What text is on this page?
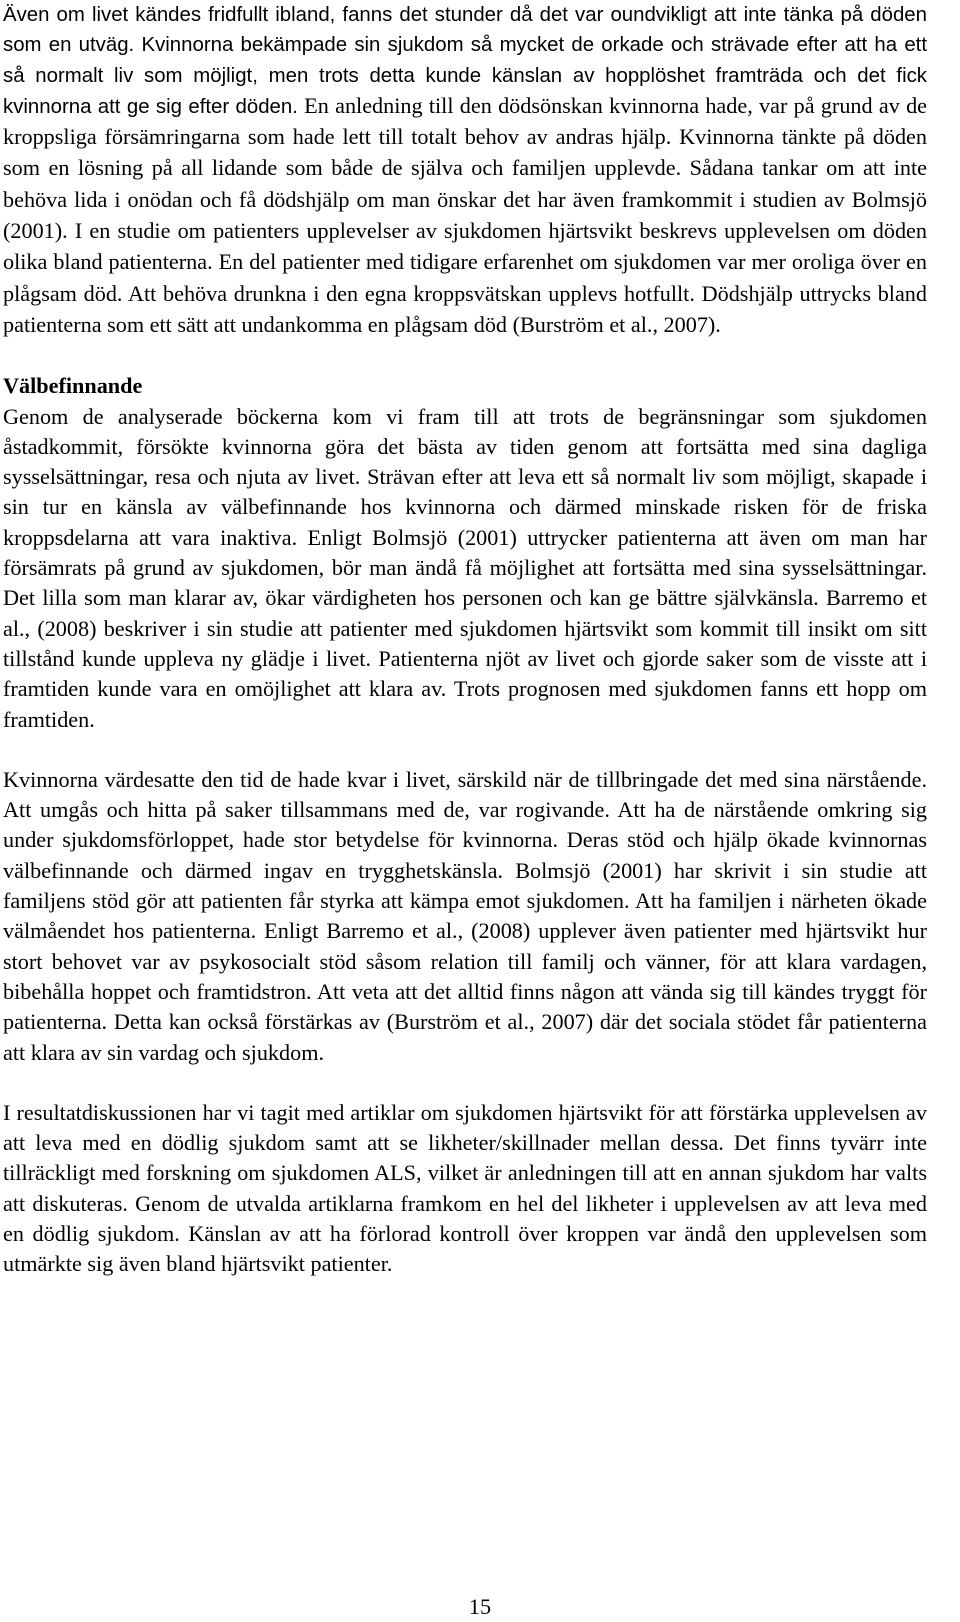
Även om livet kändes fridfullt ibland, fanns det stunder då det var oundvikligt att inte tänka på döden som en utväg. Kvinnorna bekämpade sin sjukdom så mycket de orkade och strävade efter att ha ett så normalt liv som möjligt, men trots detta kunde känslan av hopplöshet framträda och det fick kvinnorna att ge sig efter döden. En anledning till den dödsönskan kvinnorna hade, var på grund av de kroppsliga försämringarna som hade lett till totalt behov av andras hjälp. Kvinnorna tänkte på döden som en lösning på all lidande som både de själva och familjen upplevde. Sådana tankar om att inte behöva lida i onödan och få dödshjälp om man önskar det har även framkommit i studien av Bolmsjö (2001). I en studie om patienters upplevelser av sjukdomen hjärtsvikt beskrevs upplevelsen om döden olika bland patienterna. En del patienter med tidigare erfarenhet om sjukdomen var mer oroliga över en plågsam död. Att behöva drunkna i den egna kroppsvätskan upplevs hotfullt. Dödshjälp uttrycks bland patienterna som ett sätt att undankomma en plågsam död (Burström et al., 2007).

Välbefinnande

Genom de analyserade böckerna kom vi fram till att trots de begränsningar som sjukdomen åstadkommit, försökte kvinnorna göra det bästa av tiden genom att fortsätta med sina dagliga sysselsättningar, resa och njuta av livet. Strävan efter att leva ett så normalt liv som möjligt, skapade i sin tur en känsla av välbefinnande hos kvinnorna och därmed minskade risken för de friska kroppsdelarna att vara inaktiva. Enligt Bolmsjö (2001) uttrycker patienterna att även om man har försämrats på grund av sjukdomen, bör man ändå få möjlighet att fortsätta med sina sysselsättningar. Det lilla som man klarar av, ökar värdigheten hos personen och kan ge bättre självkänsla. Barremo et al., (2008) beskriver i sin studie att patienter med sjukdomen hjärtsvikt som kommit till insikt om sitt tillstånd kunde uppleva ny glädje i livet. Patienterna njöt av livet och gjorde saker som de visste att i framtiden kunde vara en omöjlighet att klara av. Trots prognosen med sjukdomen fanns ett hopp om framtiden.

Kvinnorna värdesatte den tid de hade kvar i livet, särskild när de tillbringade det med sina närstående. Att umgås och hitta på saker tillsammans med de, var rogivande. Att ha de närstående omkring sig under sjukdomsförloppet, hade stor betydelse för kvinnorna. Deras stöd och hjälp ökade kvinnornas välbefinnande och därmed ingav en trygghetskänsla. Bolmsjö (2001) har skrivit i sin studie att familjens stöd gör att patienten får styrka att kämpa emot sjukdomen. Att ha familjen i närheten ökade välmåendet hos patienterna. Enligt Barremo et al., (2008) upplever även patienter med hjärtsvikt hur stort behovet var av psykosocialt stöd såsom relation till familj och vänner, för att klara vardagen, bibehålla hoppet och framtidstron. Att veta att det alltid finns någon att vända sig till kändes tryggt för patienterna. Detta kan också förstärkas av (Burström et al., 2007) där det sociala stödet får patienterna att klara av sin vardag och sjukdom.

I resultatdiskussionen har vi tagit med artiklar om sjukdomen hjärtsvikt för att förstärka upplevelsen av att leva med en dödlig sjukdom samt att se likheter/skillnader mellan dessa. Det finns tyvärr inte tillräckligt med forskning om sjukdomen ALS, vilket är anledningen till att en annan sjukdom har valts att diskuteras. Genom de utvalda artiklarna framkom en hel del likheter i upplevelsen av att leva med en dödlig sjukdom. Känslan av att ha förlorad kontroll över kroppen var ändå den upplevelsen som utmärkte sig även bland hjärtsvikt patienter.

15
